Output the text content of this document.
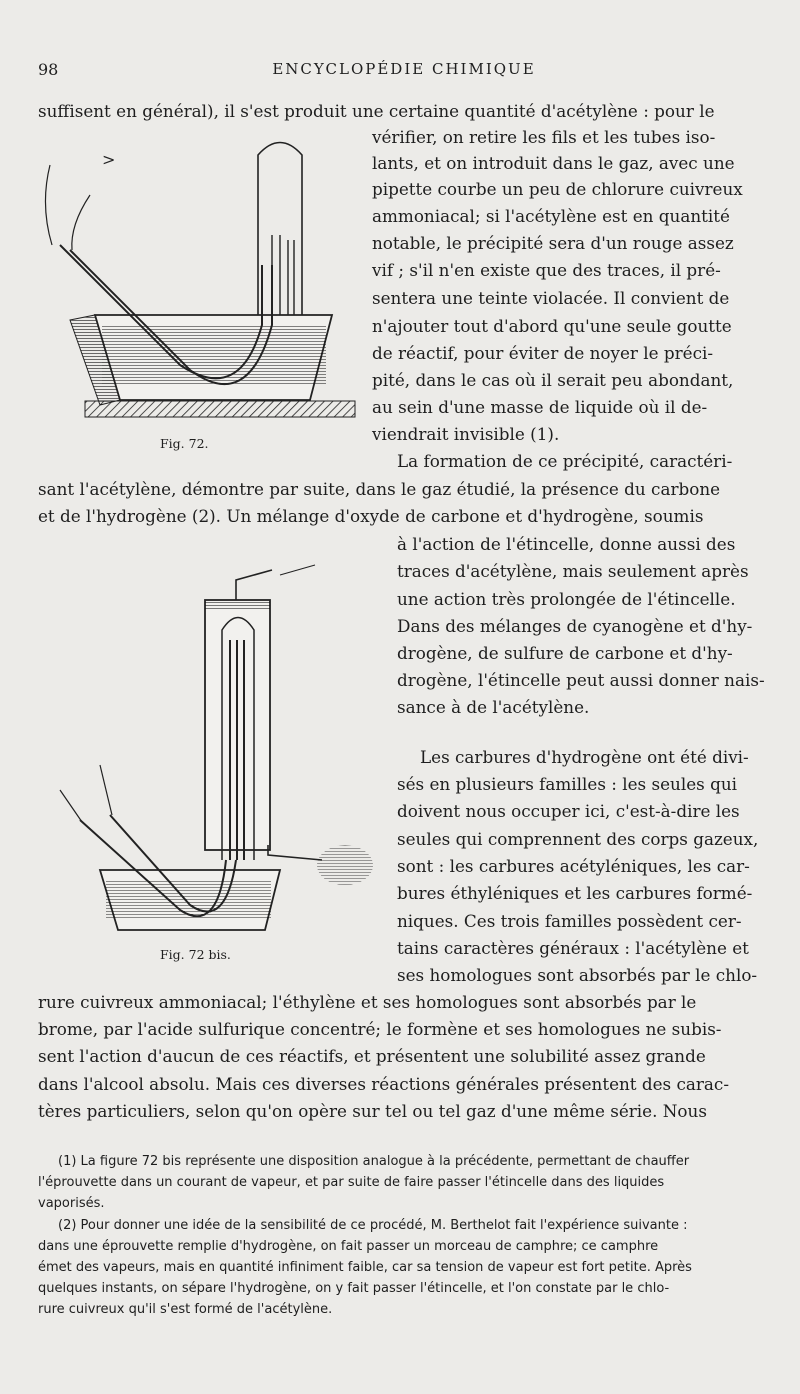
98	ENCYCLOPÉDIE CHIMIQUE
>
Fig. 72.
Fig. 72 bis.
suffisent en général), il s'est produit une certaine quantité d'acétylène : pour le
vérifier, on retire les fils et les tubes iso-
lants, et on introduit dans le gaz, avec une
pipette courbe un peu de chlorure cuivreux
ammoniacal; si l'acétylène est en quantité
notable, le précipité sera d'un rouge assez
vif ; s'il n'en existe que des traces, il pré-
sentera une teinte violacée. Il convient de
n'ajouter tout d'abord qu'une seule goutte
de réactif, pour éviter de noyer le préci-
pité, dans le cas où il serait peu abondant,
au sein d'une masse de liquide où il de-
viendrait invisible (1).
La formation de ce précipité, caractéri-
sant l'acétylène, démontre par suite, dans le gaz étudié, la présence du carbone
et de l'hydrogène (2). Un mélange d'oxyde de carbone et d'hydrogène, soumis
à l'action de l'étincelle, donne aussi des
traces d'acétylène, mais seulement après
une action très prolongée de l'étincelle.
Dans des mélanges de cyanogène et d'hy-
drogène, de sulfure de carbone et d'hy-
drogène, l'étincelle peut aussi donner nais-
sance à de l'acétylène.
Les carbures d'hydrogène ont été divi-
sés en plusieurs familles : les seules qui
doivent nous occuper ici, c'est-à-dire les
seules qui comprennent des corps gazeux,
sont : les carbures acétyléniques, les car-
bures éthyléniques et les carbures formé-
niques. Ces trois familles possèdent cer-
tains caractères généraux : l'acétylène et
ses homologues sont absorbés par le chlo-
rure cuivreux ammoniacal; l'éthylène et ses homologues sont absorbés par le
brome, par l'acide sulfurique concentré; le formène et ses homologues ne subis-
sent l'action d'aucun de ces réactifs, et présentent une solubilité assez grande
dans l'alcool absolu. Mais ces diverses réactions générales présentent des carac-
tères particuliers, selon qu'on opère sur tel ou tel gaz d'une même série. Nous
(1) La figure 72 bis représente une disposition analogue à la précédente, permettant de chauffer
l'éprouvette dans un courant de vapeur, et par suite de faire passer l'étincelle dans des liquides
vaporisés.
(2) Pour donner une idée de la sensibilité de ce procédé, M. Berthelot fait l'expérience suivante :
dans une éprouvette remplie d'hydrogène, on fait passer un morceau de camphre; ce camphre
émet des vapeurs, mais en quantité infiniment faible, car sa tension de vapeur est fort petite. Après
quelques instants, on sépare l'hydrogène, on y fait passer l'étincelle, et l'on constate par le chlo-
rure cuivreux qu'il s'est formé de l'acétylène.
